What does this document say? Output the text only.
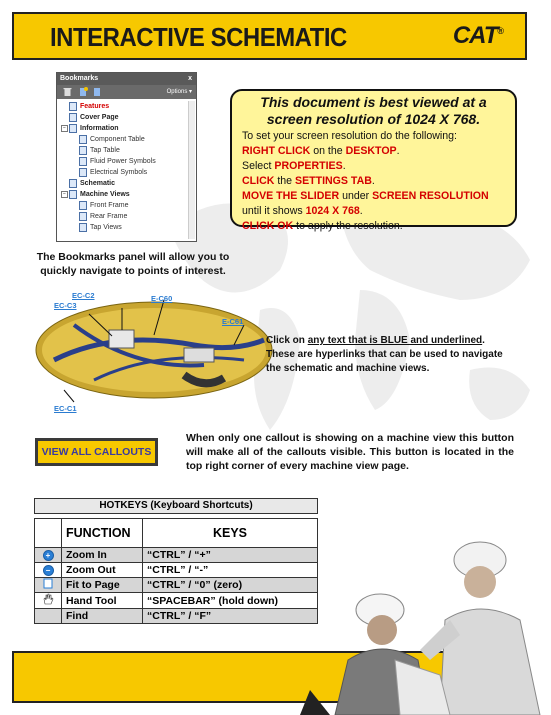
INTERACTIVE SCHEMATIC	CAT®
Bookmarks	x
Options ▾
Features
Cover Page
− Information
Component Table
Tap Table
Fluid Power Symbols
Electrical Symbols
Schematic
− Machine Views
Front Frame
Rear Frame
Tap Views
The Bookmarks panel will allow you to quickly navigate to points of interest.
This document is best viewed at a screen resolution of 1024 X 768.
To set your screen resolution do the following:
RIGHT CLICK on the DESKTOP.
Select PROPERTIES.
CLICK the SETTINGS TAB.
MOVE THE SLIDER under SCREEN RESOLUTION
until it shows 1024 X 768.
CLICK OK to apply the resolution.
EC-C2
EC-C3
E-C60
E-C61
EC-C1
Click on any text that is BLUE and underlined. These are hyperlinks that can be used to navigate the schematic and machine views.
VIEW ALL CALLOUTS
When only one callout is showing on a machine view this button will make all of the callouts visible. This button is located in the top right corner of every machine view page.
HOTKEYS (Keyboard Shortcuts)
	FUNCTION	KEYS
+	Zoom In	“CTRL” / “+”
−	Zoom Out	“CTRL” / “-”
	Fit to Page	“CTRL” / “0” (zero)
	Hand Tool	“SPACEBAR” (hold down)
	Find	“CTRL” / “F”
